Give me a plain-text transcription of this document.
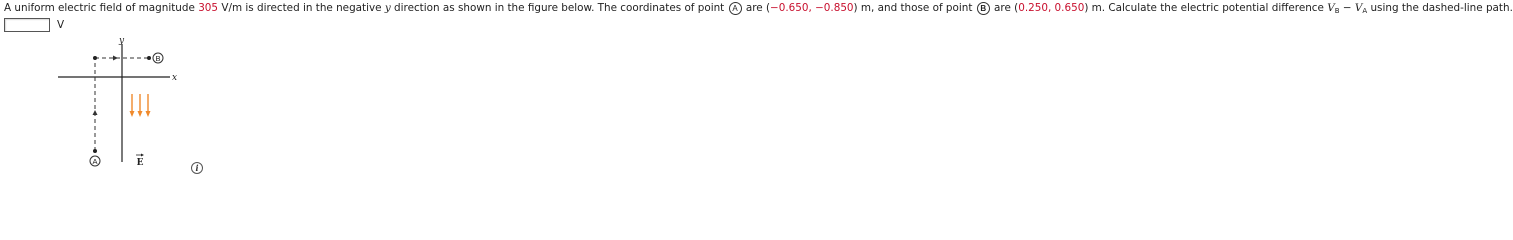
A uniform electric field of magnitude 305 V/m is directed in the negative y direction as shown in the figure below. The coordinates of point A are (−0.650, −0.850) m, and those of point B are (0.250, 0.650) m. Calculate the electric potential difference $V_B - V_A$ using the dashed-line path.
V
y
x
A
B
E	i
